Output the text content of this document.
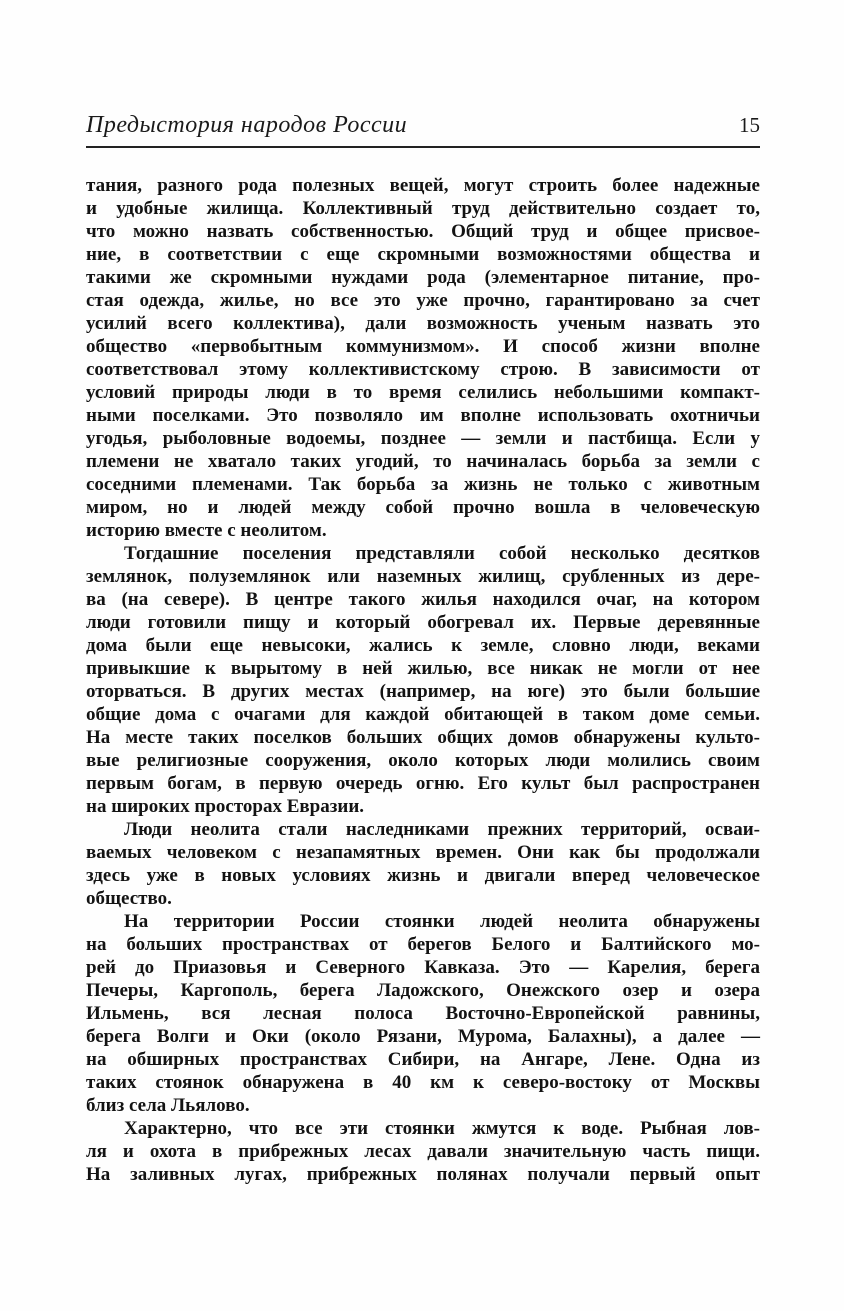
Предыстория народов России	15
тания, разного рода полезных вещей, могут строить более надежные
и удобные жилища. Коллективный труд действительно создает то,
что можно назвать собственностью. Общий труд и общее присвое-
ние, в соответствии с еще скромными возможностями общества и
такими же скромными нуждами рода (элементарное питание, про-
стая одежда, жилье, но все это уже прочно, гарантировано за счет
усилий всего коллектива), дали возможность ученым назвать это
общество «первобытным коммунизмом». И способ жизни вполне
соответствовал этому коллективистскому строю. В зависимости от
условий природы люди в то время селились небольшими компакт-
ными поселками. Это позволяло им вполне использовать охотничьи
угодья, рыболовные водоемы, позднее — земли и пастбища. Если у
племени не хватало таких угодий, то начиналась борьба за земли с
соседними племенами. Так борьба за жизнь не только с животным
миром, но и людей между собой прочно вошла в человеческую
историю вместе с неолитом.
Тогдашние поселения представляли собой несколько десятков
землянок, полуземлянок или наземных жилищ, срубленных из дере-
ва (на севере). В центре такого жилья находился очаг, на котором
люди готовили пищу и который обогревал их. Первые деревянные
дома были еще невысоки, жались к земле, словно люди, веками
привыкшие к вырытому в ней жилью, все никак не могли от нее
оторваться. В других местах (например, на юге) это были большие
общие дома с очагами для каждой обитающей в таком доме семьи.
На месте таких поселков больших общих домов обнаружены культо-
вые религиозные сооружения, около которых люди молились своим
первым богам, в первую очередь огню. Его культ был распространен
на широких просторах Евразии.
Люди неолита стали наследниками прежних территорий, осваи-
ваемых человеком с незапамятных времен. Они как бы продолжали
здесь уже в новых условиях жизнь и двигали вперед человеческое
общество.
На территории России стоянки людей неолита обнаружены
на больших пространствах от берегов Белого и Балтийского мо-
рей до Приазовья и Северного Кавказа. Это — Карелия, берега
Печеры, Каргополь, берега Ладожского, Онежского озер и озера
Ильмень, вся лесная полоса Восточно-Европейской равнины,
берега Волги и Оки (около Рязани, Мурома, Балахны), а далее —
на обширных пространствах Сибири, на Ангаре, Лене. Одна из
таких стоянок обнаружена в 40 км к северо-востоку от Москвы
близ села Льялово.
Характерно, что все эти стоянки жмутся к воде. Рыбная лов-
ля и охота в прибрежных лесах давали значительную часть пищи.
На заливных лугах, прибрежных полянах получали первый опыт
